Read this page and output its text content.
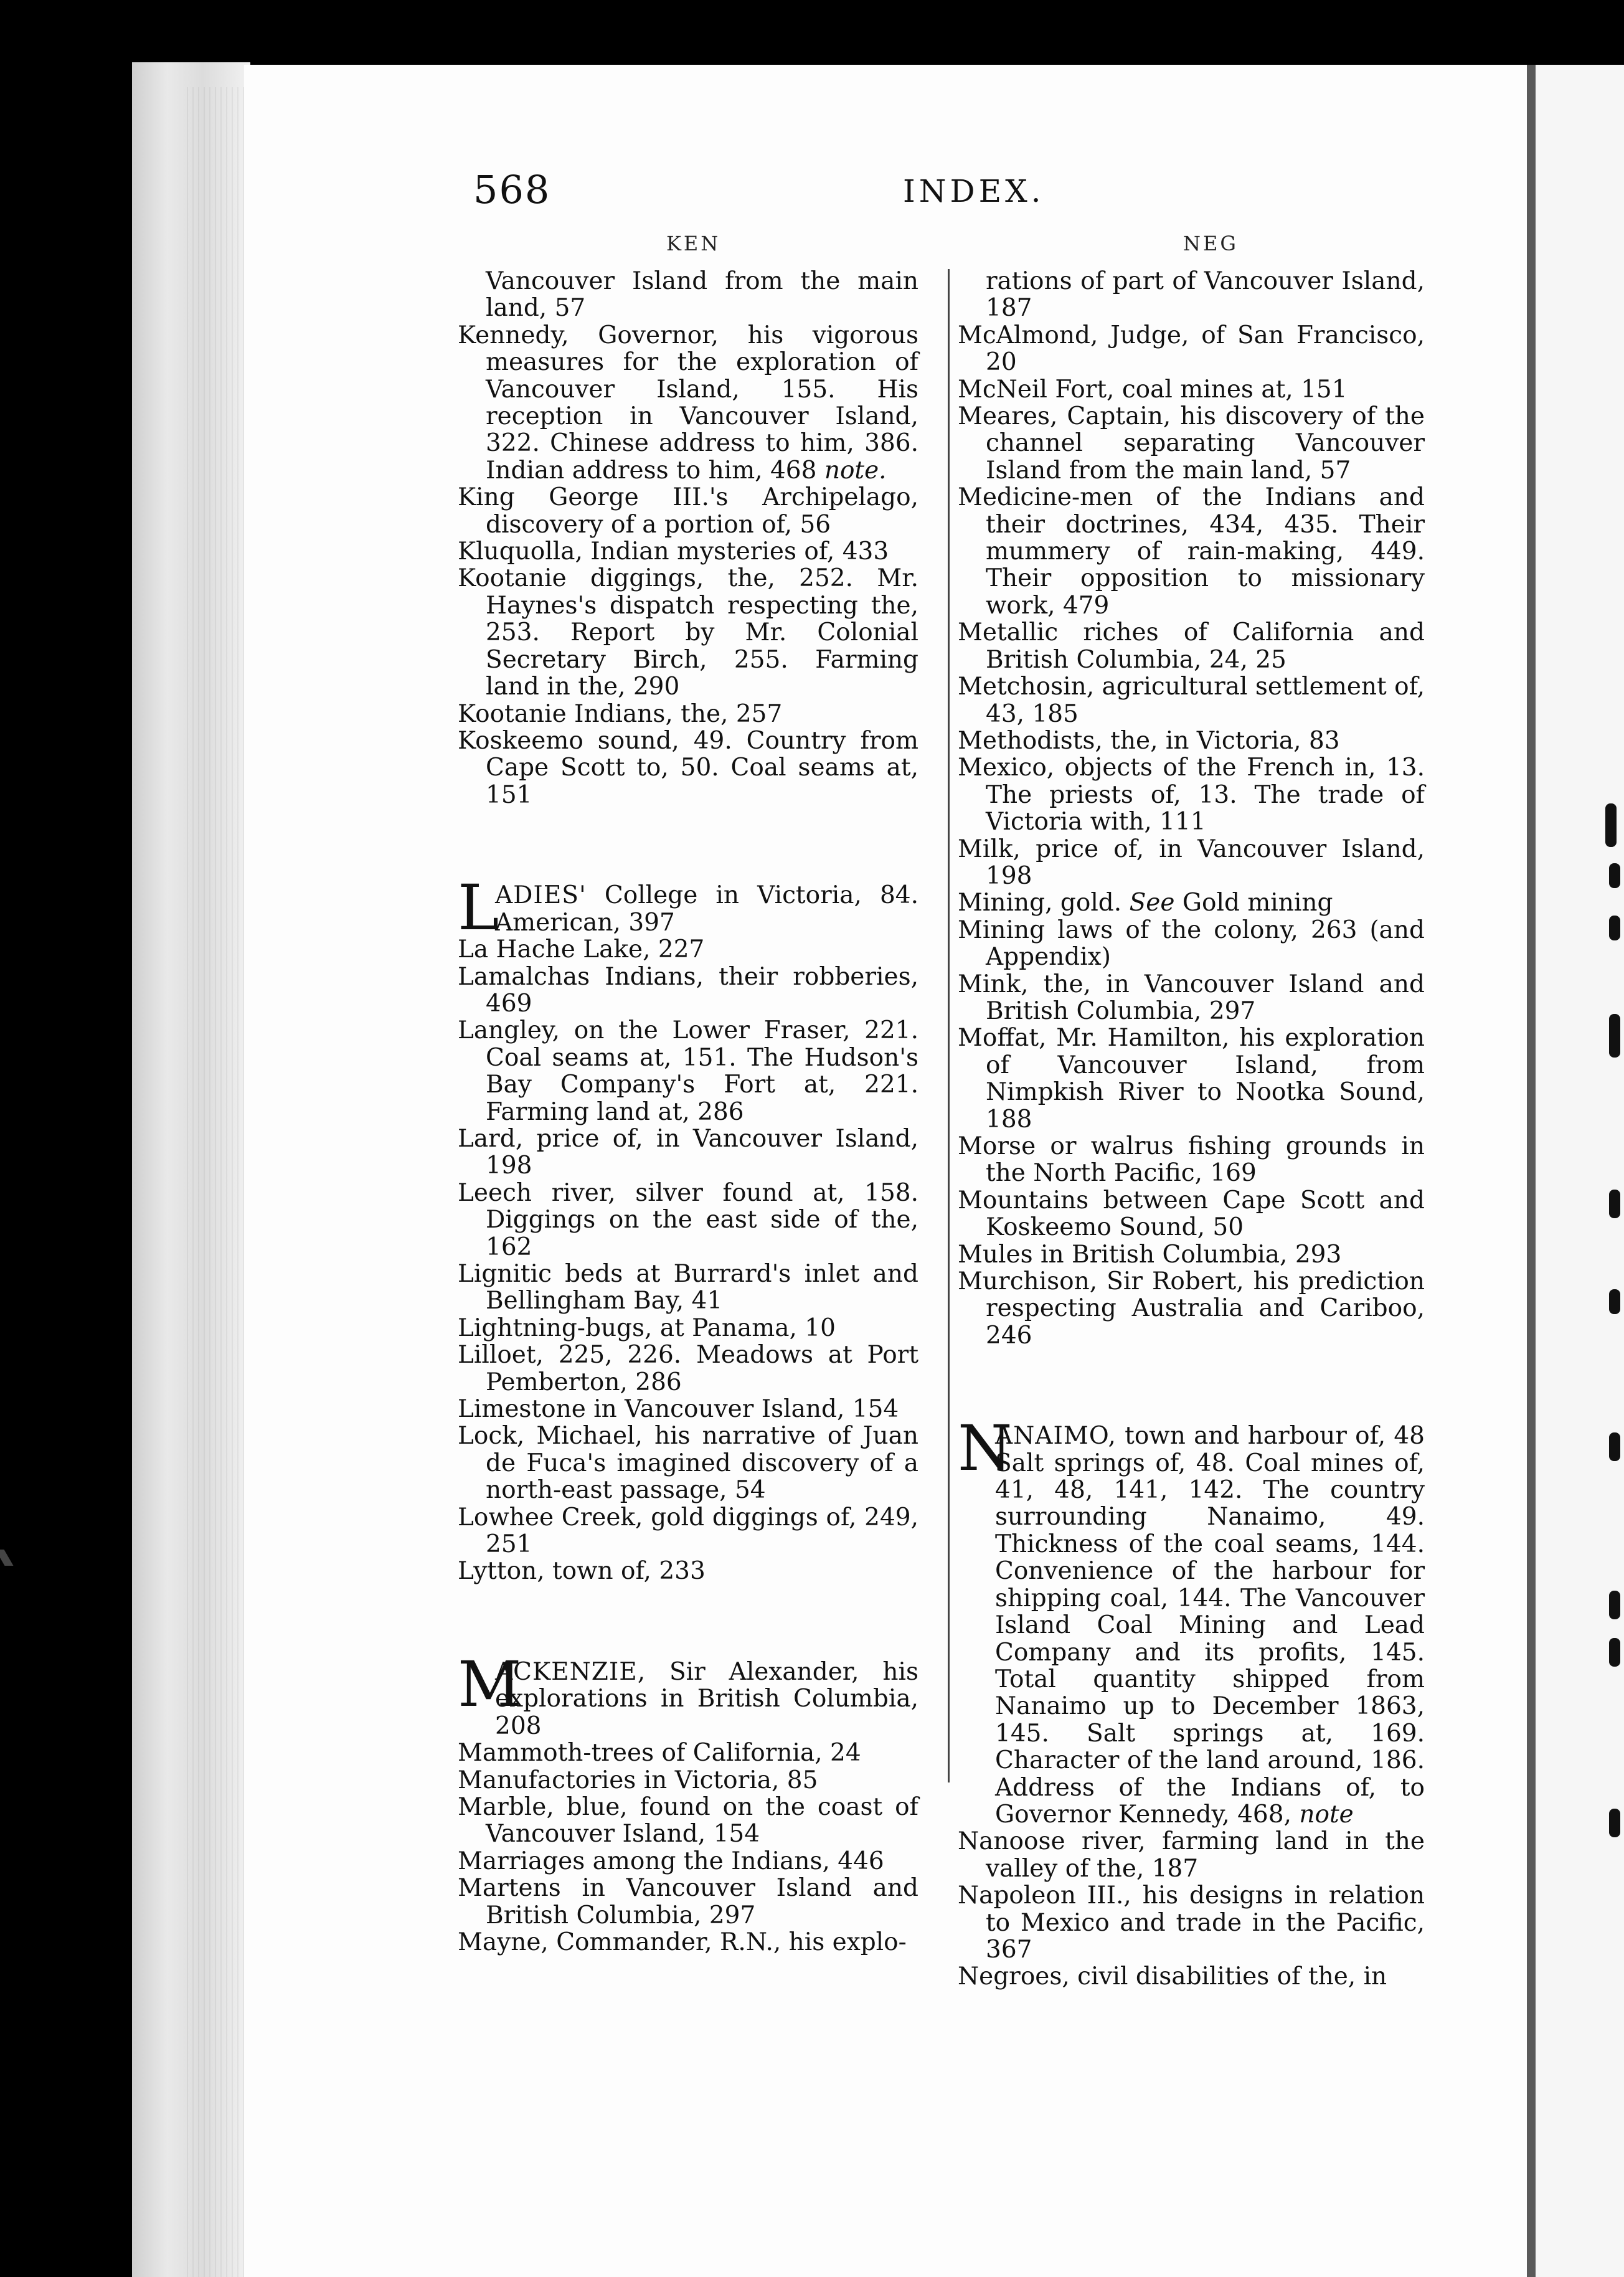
568	INDEX.
KEN	NEG

Vancouver Island from the main land, 57

Kennedy, Governor, his vigorous measures for the exploration of Vancouver Island, 155. His reception in Vancouver Island, 322. Chinese address to him, 386. Indian address to him, 468 note.

King George III.'s Archipelago, discovery of a portion of, 56

Kluquolla, Indian mysteries of, 433

Kootanie diggings, the, 252. Mr. Haynes's dispatch respecting the, 253. Report by Mr. Colonial Secretary Birch, 255. Farming land in the, 290

Kootanie Indians, the, 257

Koskeemo sound, 49. Country from Cape Scott to, 50. Coal seams at, 151

L
ADIES' College in Victoria, 84. American, 397

La Hache Lake, 227

Lamalchas Indians, their robberies, 469

Langley, on the Lower Fraser, 221. Coal seams at, 151. The Hudson's Bay Company's Fort at, 221. Farming land at, 286

Lard, price of, in Vancouver Island, 198

Leech river, silver found at, 158. Diggings on the east side of the, 162

Lignitic beds at Burrard's inlet and Bellingham Bay, 41

Lightning-bugs, at Panama, 10

Lilloet, 225, 226. Meadows at Port Pemberton, 286

Limestone in Vancouver Island, 154

Lock, Michael, his narrative of Juan de Fuca's imagined discovery of a north-east passage, 54

Lowhee Creek, gold diggings of, 249, 251

Lytton, town of, 233

M
ACKENZIE, Sir Alexander, his explorations in British Columbia, 208

Mammoth-trees of California, 24

Manufactories in Victoria, 85

Marble, blue, found on the coast of Vancouver Island, 154

Marriages among the Indians, 446

Martens in Vancouver Island and British Columbia, 297

Mayne, Commander, R.N., his explo-

rations of part of Vancouver Island, 187

McAlmond, Judge, of San Francisco, 20

McNeil Fort, coal mines at, 151

Meares, Captain, his discovery of the channel separating Vancouver Island from the main land, 57

Medicine-men of the Indians and their doctrines, 434, 435. Their mummery of rain-making, 449. Their opposition to missionary work, 479

Metallic riches of California and British Columbia, 24, 25

Metchosin, agricultural settlement of, 43, 185

Methodists, the, in Victoria, 83

Mexico, objects of the French in, 13. The priests of, 13. The trade of Victoria with, 111

Milk, price of, in Vancouver Island, 198

Mining, gold. See Gold mining

Mining laws of the colony, 263 (and Appendix)

Mink, the, in Vancouver Island and British Columbia, 297

Moffat, Mr. Hamilton, his exploration of Vancouver Island, from Nimpkish River to Nootka Sound, 188

Morse or walrus fishing grounds in the North Pacific, 169

Mountains between Cape Scott and Koskeemo Sound, 50

Mules in British Columbia, 293

Murchison, Sir Robert, his prediction respecting Australia and Cariboo, 246

N
ANAIMO, town and harbour of, 48 Salt springs of, 48. Coal mines of, 41, 48, 141, 142. The country surrounding Nanaimo, 49. Thickness of the coal seams, 144. Convenience of the harbour for shipping coal, 144. The Vancouver Island Coal Mining and Lead Company and its profits, 145. Total quantity shipped from Nanaimo up to December 1863, 145. Salt springs at, 169. Character of the land around, 186. Address of the Indians of, to Governor Kennedy, 468, note

Nanoose river, farming land in the valley of the, 187

Napoleon III., his designs in relation to Mexico and trade in the Pacific, 367

Negroes, civil disabilities of the, in
